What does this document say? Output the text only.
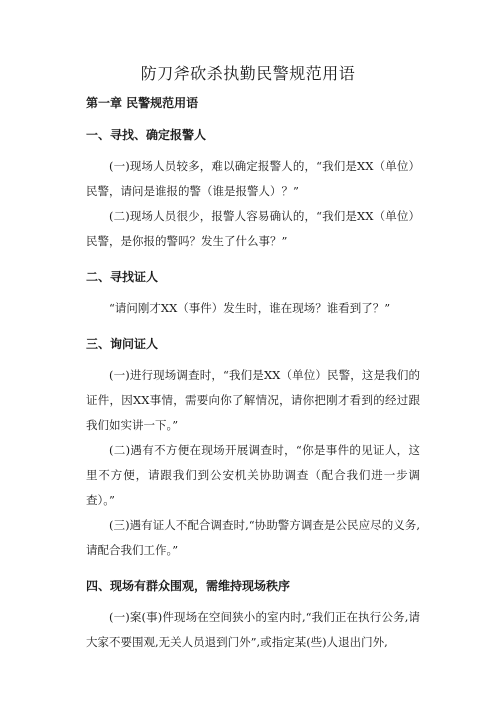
防刀斧砍杀执勤民警规范用语

第一章 民警规范用语

一、寻找、确定报警人

(一)现场人员较多，难以确定报警人的，“我们是XX（单位）民警，请问是谁报的警（谁是报警人）？”

(二)现场人员很少，报警人容易确认的，“我们是XX（单位）民警，是你报的警吗？发生了什么事？”

二、寻找证人

“请问刚才XX（事件）发生时，谁在现场？谁看到了？”

三、询问证人

(一)进行现场调查时，“我们是XX（单位）民警，这是我们的证件，因XX事情，需要向你了解情况，请你把刚才看到的经过跟我们如实讲一下。”

(二)遇有不方便在现场开展调查时，“你是事件的见证人，这里不方便，请跟我们到公安机关协助调查（配合我们进一步调查）。”

(三)遇有证人不配合调查时,“协助警方调查是公民应尽的义务,请配合我们工作。”

四、现场有群众围观，需维持现场秩序

(一)案(事)件现场在空间狭小的室内时,“我们正在执行公务,请大家不要围观,无关人员退到门外”,或指定某(些)人退出门外,
